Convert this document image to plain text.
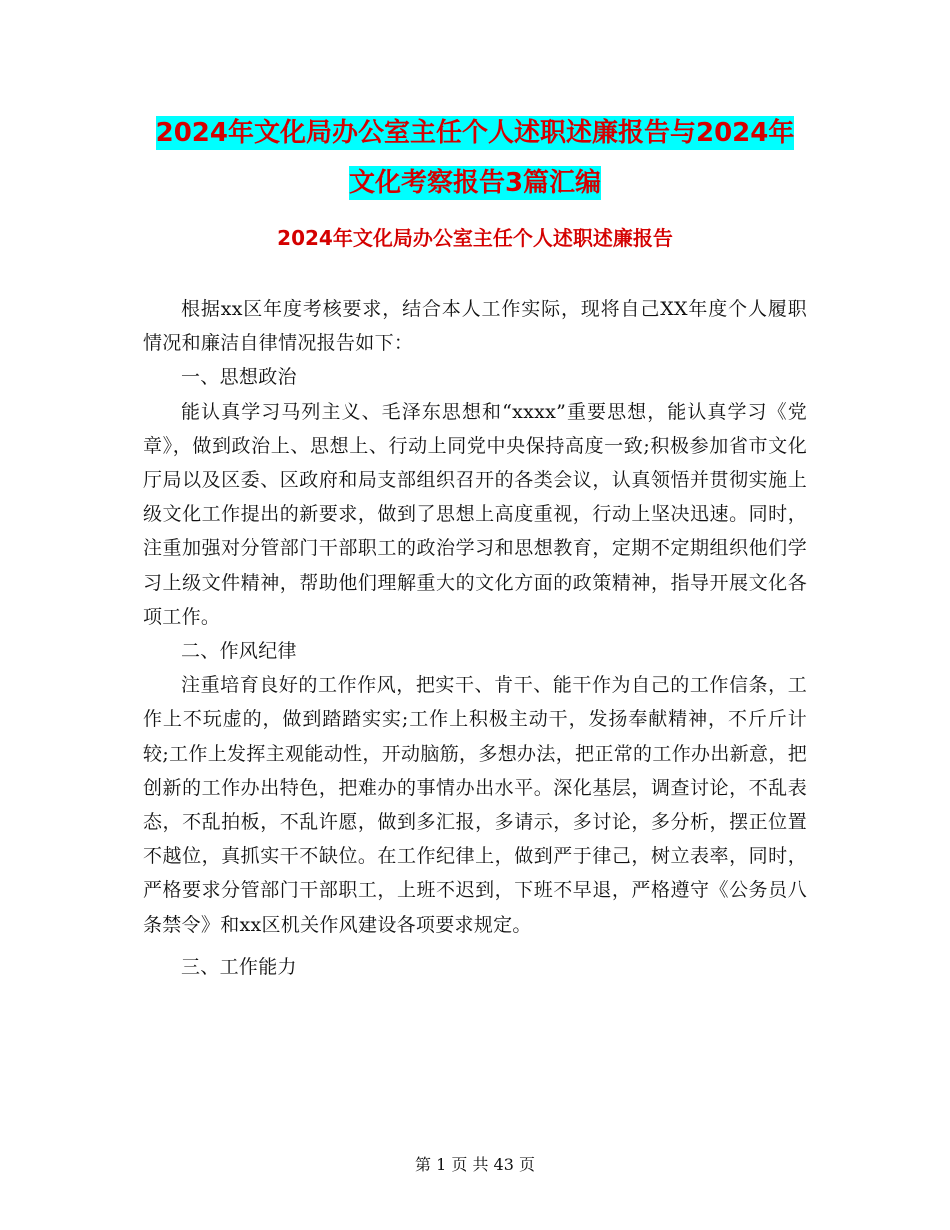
2024年文化局办公室主任个人述职述廉报告与2024年
文化考察报告3篇汇编
2024年文化局办公室主任个人述职述廉报告

根据xx区年度考核要求，结合本人工作实际，现将自己XX年度个人履职情况和廉洁自律情况报告如下：

一、思想政治

能认真学习马列主义、毛泽东思想和“xxxx”重要思想，能认真学习《党章》，做到政治上、思想上、行动上同党中央保持高度一致;积极参加省市文化厅局以及区委、区政府和局支部组织召开的各类会议，认真领悟并贯彻实施上级文化工作提出的新要求，做到了思想上高度重视，行动上坚决迅速。同时，注重加强对分管部门干部职工的政治学习和思想教育，定期不定期组织他们学习上级文件精神，帮助他们理解重大的文化方面的政策精神，指导开展文化各项工作。

二、作风纪律

注重培育良好的工作作风，把实干、肯干、能干作为自己的工作信条，工作上不玩虚的，做到踏踏实实;工作上积极主动干，发扬奉献精神，不斤斤计较;工作上发挥主观能动性，开动脑筋，多想办法，把正常的工作办出新意，把创新的工作办出特色，把难办的事情办出水平。深化基层，调查讨论，不乱表态，不乱拍板，不乱许愿，做到多汇报，多请示，多讨论，多分析，摆正位置不越位，真抓实干不缺位。在工作纪律上，做到严于律己，树立表率，同时，严格要求分管部门干部职工，上班不迟到，下班不早退，严格遵守《公务员八条禁令》和xx区机关作风建设各项要求规定。

三、工作能力

第 1 页 共 43 页
